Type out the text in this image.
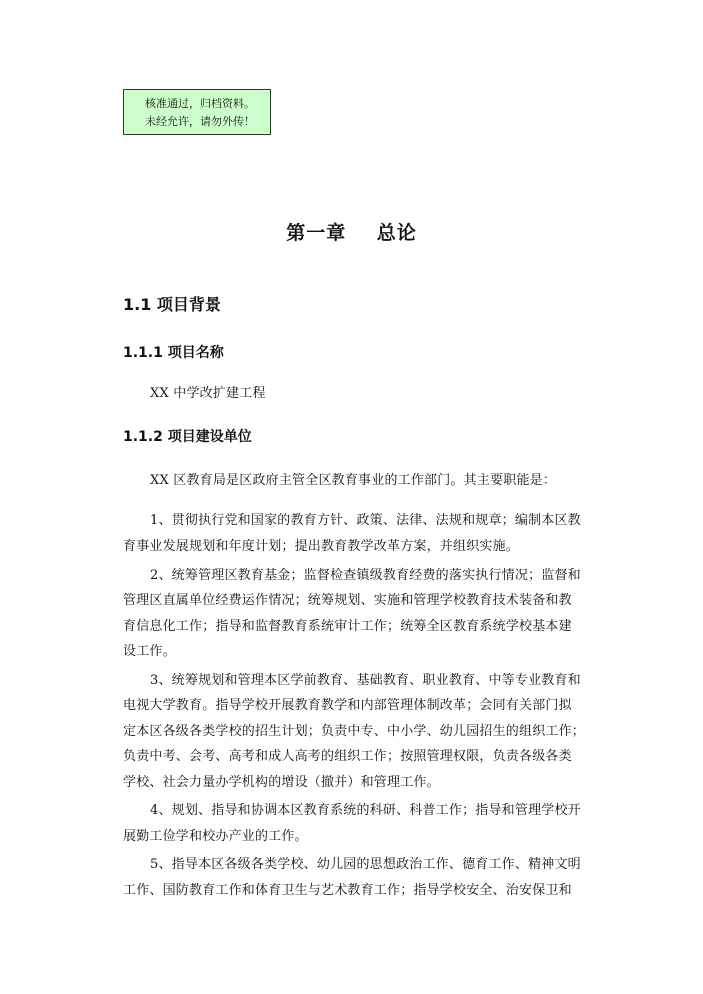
核准通过，归档资料。
未经允许，请勿外传！
第一章    总论
1.1 项目背景
1.1.1 项目名称
XX 中学改扩建工程
1.1.2 项目建设单位
XX 区教育局是区政府主管全区教育事业的工作部门。其主要职能是：
1、贯彻执行党和国家的教育方针、政策、法律、法规和规章；编制本区教
育事业发展规划和年度计划；提出教育教学改革方案，并组织实施。
2、统筹管理区教育基金；监督检查镇级教育经费的落实执行情况；监督和
管理区直属单位经费运作情况；统筹规划、实施和管理学校教育技术装备和教
育信息化工作；指导和监督教育系统审计工作；统筹全区教育系统学校基本建
设工作。
3、统筹规划和管理本区学前教育、基础教育、职业教育、中等专业教育和
电视大学教育。指导学校开展教育教学和内部管理体制改革；会同有关部门拟
定本区各级各类学校的招生计划；负责中专、中小学、幼儿园招生的组织工作；
负责中考、会考、高考和成人高考的组织工作；按照管理权限，负责各级各类
学校、社会力量办学机构的增设（撤并）和管理工作。
4、规划、指导和协调本区教育系统的科研、科普工作；指导和管理学校开
展勤工俭学和校办产业的工作。
5、指导本区各级各类学校、幼儿园的思想政治工作、德育工作、精神文明
工作、国防教育工作和体育卫生与艺术教育工作；指导学校安全、治安保卫和
